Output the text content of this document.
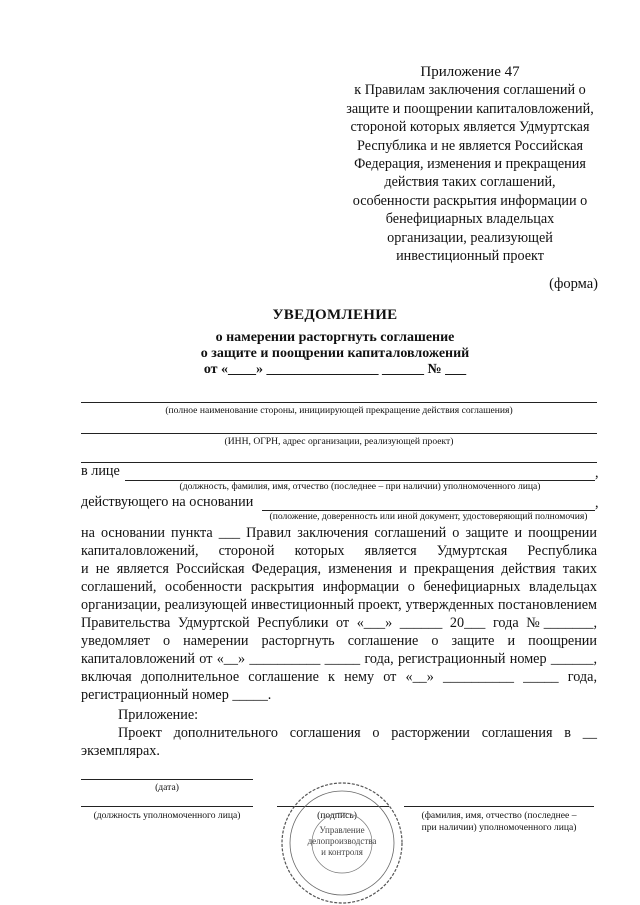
Приложение 47
к Правилам заключения соглашений о
защите и поощрении капиталовложений,
стороной которых является Удмуртская
Республика и не является Российская
Федерация, изменения и прекращения
действия таких соглашений,
особенности раскрытия информации о
бенефициарных владельцах
организации, реализующей
инвестиционный проект
(форма)
УВЕДОМЛЕНИЕ
о намерении расторгнуть соглашение
о защите и поощрении капиталовложений
от «____» ________________ ______ № ___
(полное наименование стороны, инициирующей прекращение действия соглашения)
(ИНН, ОГРН, адрес организации, реализующей проект)
в лице	,
(должность, фамилия, имя, отчество (последнее – при наличии) уполномоченного лица)
действующего на основании	,
(положение, доверенность или иной документ, удостоверяющий полномочия)
на основании пункта ___ Правил заключения соглашений о защите и поощрении
капиталовложений, стороной которых является Удмуртская Республика
и не является Российская Федерация, изменения и прекращения действия таких
соглашений, особенности раскрытия информации о бенефициарных владельцах
организации, реализующей инвестиционный проект, утвержденных постановлением
Правительства Удмуртской Республики от «___» ______ 20___ года №_______,
уведомляет о намерении расторгнуть соглашение о защите и поощрении
капиталовложений от «__» __________ _____ года, регистрационный номер ______,
включая дополнительное соглашение к нему от «__» __________ _____ года,
регистрационный номер _____.
Приложение:
Проект дополнительного соглашения о расторжении соглашения в __
экземплярах.
(дата)
(должность уполномоченного лица)	(подпись)	(фамилия, имя, отчество (последнее –
при наличии) уполномоченного лица)
Управление
делопроизводства
и контроля
